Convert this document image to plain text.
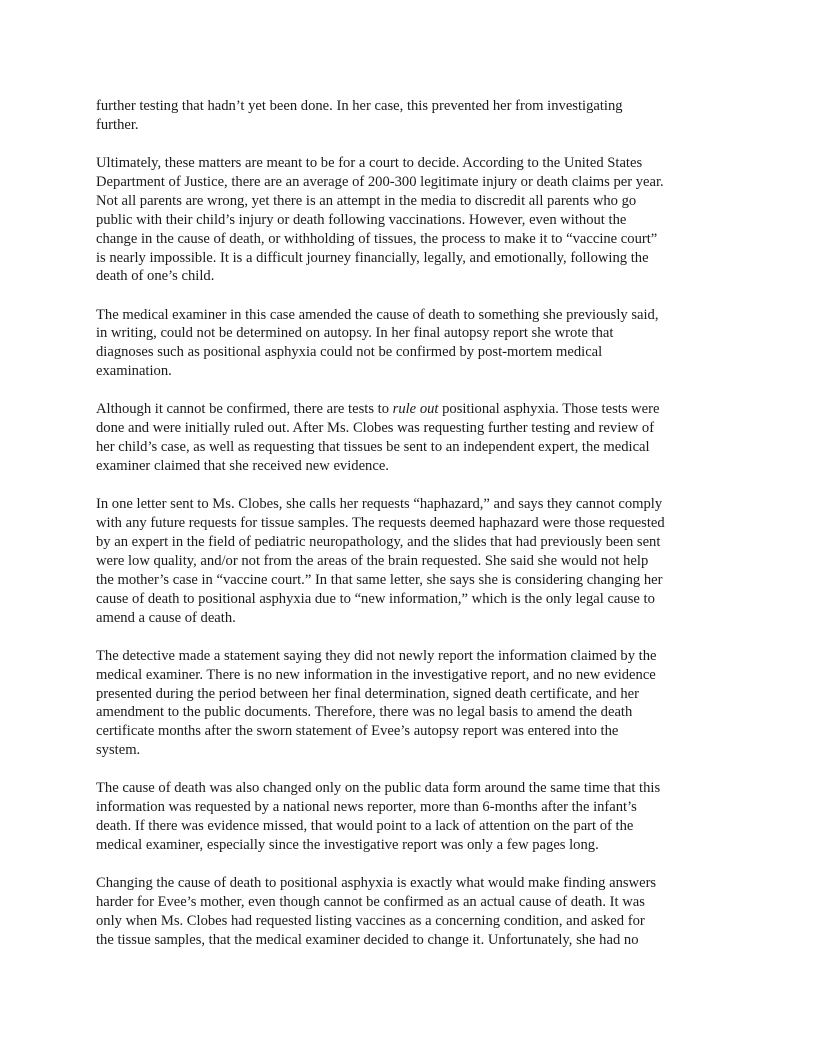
further testing that hadn’t yet been done. In her case, this prevented her from investigating
further.

Ultimately, these matters are meant to be for a court to decide. According to the United States
Department of Justice, there are an average of 200-300 legitimate injury or death claims per year.
Not all parents are wrong, yet there is an attempt in the media to discredit all parents who go
public with their child’s injury or death following vaccinations. However, even without the
change in the cause of death, or withholding of tissues, the process to make it to “vaccine court”
is nearly impossible. It is a difficult journey financially, legally, and emotionally, following the
death of one’s child.

The medical examiner in this case amended the cause of death to something she previously said,
in writing, could not be determined on autopsy. In her final autopsy report she wrote that
diagnoses such as positional asphyxia could not be confirmed by post-mortem medical
examination.

Although it cannot be confirmed, there are tests to rule out positional asphyxia. Those tests were
done and were initially ruled out. After Ms. Clobes was requesting further testing and review of
her child’s case, as well as requesting that tissues be sent to an independent expert, the medical
examiner claimed that she received new evidence.

In one letter sent to Ms. Clobes, she calls her requests “haphazard,” and says they cannot comply
with any future requests for tissue samples. The requests deemed haphazard were those requested
by an expert in the field of pediatric neuropathology, and the slides that had previously been sent
were low quality, and/or not from the areas of the brain requested. She said she would not help
the mother’s case in “vaccine court.” In that same letter, she says she is considering changing her
cause of death to positional asphyxia due to “new information,” which is the only legal cause to
amend a cause of death.

The detective made a statement saying they did not newly report the information claimed by the
medical examiner. There is no new information in the investigative report, and no new evidence
presented during the period between her final determination, signed death certificate, and her
amendment to the public documents. Therefore, there was no legal basis to amend the death
certificate months after the sworn statement of Evee’s autopsy report was entered into the
system.

The cause of death was also changed only on the public data form around the same time that this
information was requested by a national news reporter, more than 6-months after the infant’s
death. If there was evidence missed, that would point to a lack of attention on the part of the
medical examiner, especially since the investigative report was only a few pages long.

Changing the cause of death to positional asphyxia is exactly what would make finding answers
harder for Evee’s mother, even though cannot be confirmed as an actual cause of death. It was
only when Ms. Clobes had requested listing vaccines as a concerning condition, and asked for
the tissue samples, that the medical examiner decided to change it. Unfortunately, she had no
